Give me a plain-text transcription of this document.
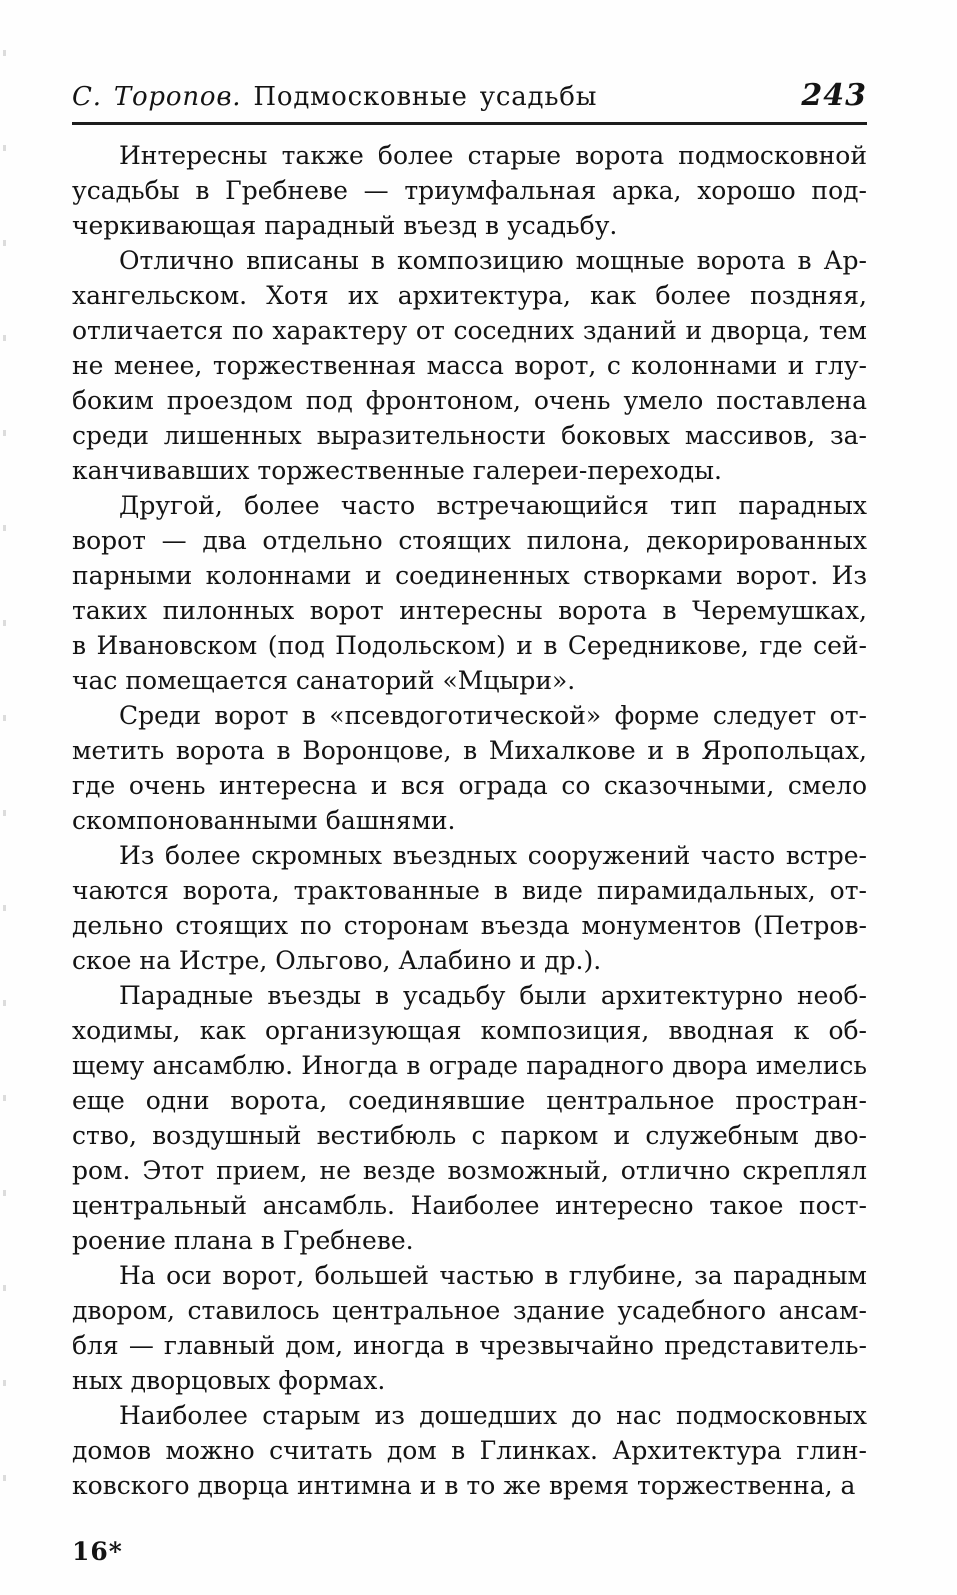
С. Торопов. Подмосковные усадьбы	243
Интересны также более старые ворота подмосковной
усадьбы в Гребневе — триумфальная арка, хорошо под-
черкивающая парадный въезд в усадьбу.
Отлично вписаны в композицию мощные ворота в Ар-
хангельском. Хотя их архитектура, как более поздняя,
отличается по характеру от соседних зданий и дворца, тем
не менее, торжественная масса ворот, с колоннами и глу-
боким проездом под фронтоном, очень умело поставлена
среди лишенных выразительности боковых массивов, за-
канчивавших торжественные галереи-переходы.
Другой, более часто встречающийся тип парадных
ворот — два отдельно стоящих пилона, декорированных
парными колоннами и соединенных створками ворот. Из
таких пилонных ворот интересны ворота в Черемушках,
в Ивановском (под Подольском) и в Середникове, где сей-
час помещается санаторий «Мцыри».
Среди ворот в «псевдоготической» форме следует от-
метить ворота в Воронцове, в Михалкове и в Яропольцах,
где очень интересна и вся ограда со сказочными, смело
скомпонованными башнями.
Из более скромных въездных сооружений часто встре-
чаются ворота, трактованные в виде пирамидальных, от-
дельно стоящих по сторонам въезда монументов (Петров-
ское на Истре, Ольгово, Алабино и др.).
Парадные въезды в усадьбу были архитектурно необ-
ходимы, как организующая композиция, вводная к об-
щему ансамблю. Иногда в ограде парадного двора имелись
еще одни ворота, соединявшие центральное простран-
ство, воздушный вестибюль с парком и служебным дво-
ром. Этот прием, не везде возможный, отлично скреплял
центральный ансамбль. Наиболее интересно такое пост-
роение плана в Гребневе.
На оси ворот, большей частью в глубине, за парадным
двором, ставилось центральное здание усадебного ансам-
бля — главный дом, иногда в чрезвычайно представитель-
ных дворцовых формах.
Наиболее старым из дошедших до нас подмосковных
домов можно считать дом в Глинках. Архитектура глин-
ковского дворца интимна и в то же время торжественна, а
16*
